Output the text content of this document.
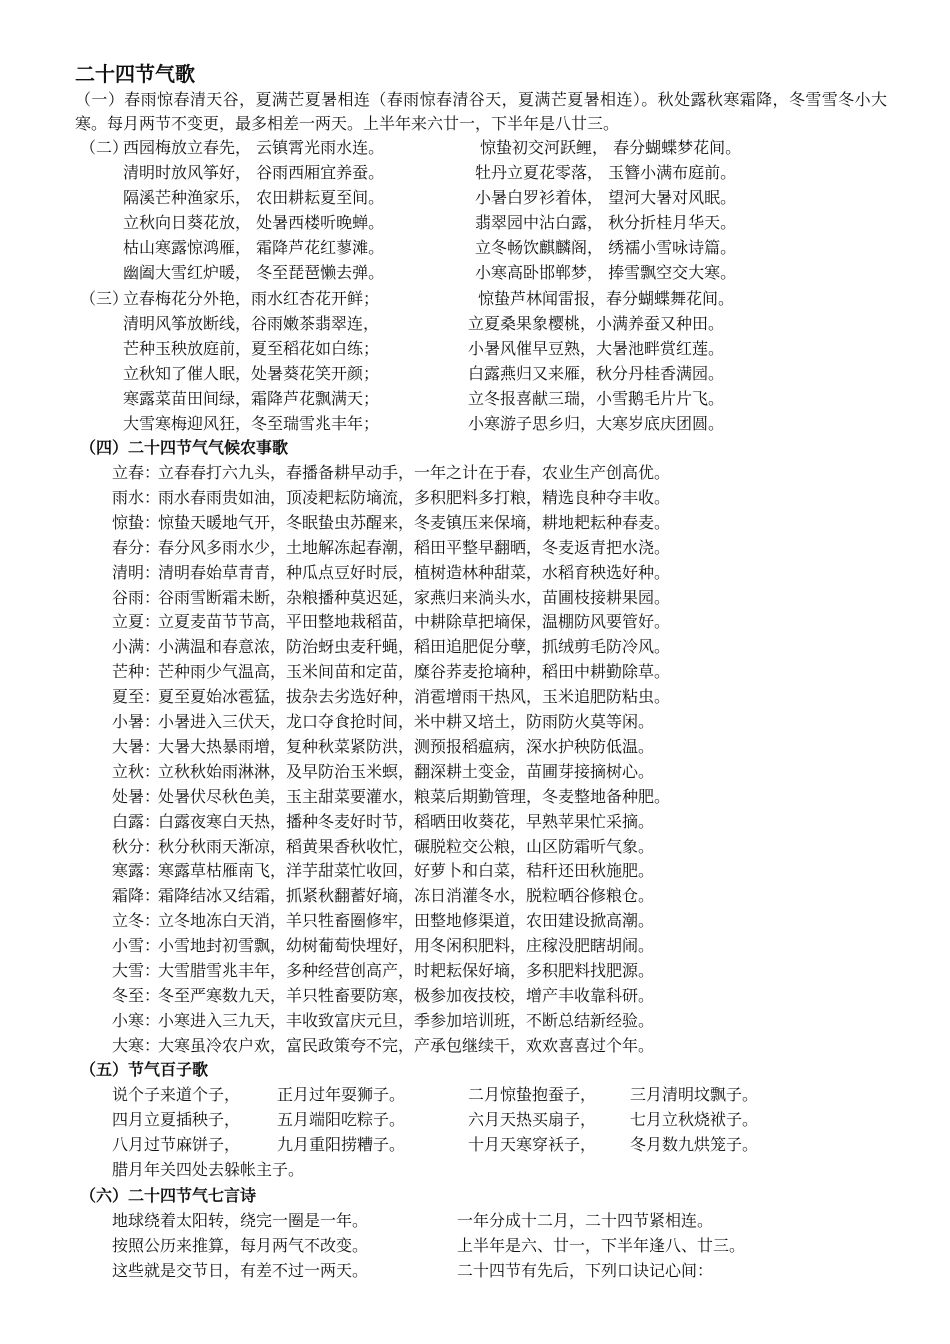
二十四节气歌
（一）春雨惊春清天谷，夏满芒夏暑相连（春雨惊春清谷天，夏满芒夏暑相连）。秋处露秋寒霜降，冬雪雪冬小大寒。每月两节不变更，最多相差一两天。上半年来六廿一，下半年是八廿三。
（二）
西园梅放立春先， 云镇霄光雨水连。	惊蛰初交河跃鲤， 春分蝴蝶梦花间。
清明时放风筝好， 谷雨西厢宜养蚕。	牡丹立夏花零落， 玉簪小满布庭前。
隔溪芒种渔家乐， 农田耕耘夏至间。	小暑白罗衫着体， 望河大暑对风眠。
立秋向日葵花放， 处暑西楼听晚蝉。	翡翠园中沾白露， 秋分折桂月华天。
枯山寒露惊鸿雁， 霜降芦花红蓼滩。	立冬畅饮麒麟阁， 绣襦小雪咏诗篇。
幽阖大雪红炉暖， 冬至琵琶懒去弹。	小寒高卧邯郸梦， 捧雪飘空交大寒。
（三）
立春梅花分外艳，雨水红杏花开鲜；	惊蛰芦林闻雷报，春分蝴蝶舞花间。
清明风筝放断线，谷雨嫩茶翡翠连，	立夏桑果象樱桃，小满养蚕又种田。
芒种玉秧放庭前，夏至稻花如白练；	小暑风催早豆熟，大暑池畔赏红莲。
立秋知了催人眠，处暑葵花笑开颜；	白露燕归又来雁，秋分丹桂香满园。
寒露菜苗田间绿，霜降芦花飘满天；	立冬报喜献三瑞，小雪鹅毛片片飞。
大雪寒梅迎风狂，冬至瑞雪兆丰年；	小寒游子思乡归，大寒岁底庆团圆。
（四）二十四节气气候农事歌
立春：
立春春打六九头，春播备耕早动手，一年之计在于春，农业生产创高优。
雨水：
雨水春雨贵如油，顶凌耙耘防墒流，多积肥料多打粮，精选良种夺丰收。
惊蛰：
惊蛰天暖地气开，冬眠蛰虫苏醒来，冬麦镇压来保墒，耕地耙耘种春麦。
春分：
春分风多雨水少，土地解冻起春潮，稻田平整早翻晒，冬麦返青把水浇。
清明：
清明春始草青青，种瓜点豆好时辰，植树造林种甜菜，水稻育秧选好种。
谷雨：
谷雨雪断霜未断，杂粮播种莫迟延，家燕归来淌头水，苗圃枝接耕果园。
立夏：
立夏麦苗节节高，平田整地栽稻苗，中耕除草把墒保，温棚防风要管好。
小满：
小满温和春意浓，防治蚜虫麦秆蝇，稻田追肥促分孽，抓绒剪毛防冷风。
芒种：
芒种雨少气温高，玉米间苗和定苗，糜谷荞麦抢墒种，稻田中耕勤除草。
夏至：
夏至夏始冰雹猛，拔杂去劣选好种，消雹增雨干热风，玉米追肥防粘虫。
小暑：
小暑进入三伏天，龙口夺食抢时间，米中耕又培土，防雨防火莫等闲。
大暑：
大暑大热暴雨增，复种秋菜紧防洪，测预报稻瘟病，深水护秧防低温。
立秋：
立秋秋始雨淋淋，及早防治玉米螟，翻深耕土变金，苗圃芽接摘树心。
处暑：
处暑伏尽秋色美，玉主甜菜要灌水，粮菜后期勤管理，冬麦整地备种肥。
白露：
白露夜寒白天热，播种冬麦好时节，稻晒田收葵花，早熟苹果忙采摘。
秋分：
秋分秋雨天渐凉，稻黄果香秋收忙，碾脱粒交公粮，山区防霜听气象。
寒露：
寒露草枯雁南飞，洋芋甜菜忙收回，好萝卜和白菜，秸秆还田秋施肥。
霜降：
霜降结冰又结霜，抓紧秋翻蓄好墒，冻日消灌冬水，脱粒晒谷修粮仓。
立冬：
立冬地冻白天消，羊只牲畜圈修牢，田整地修渠道，农田建设掀高潮。
小雪：
小雪地封初雪飘，幼树葡萄快埋好，用冬闲积肥料，庄稼没肥瞎胡闹。
大雪：
大雪腊雪兆丰年，多种经营创高产，时耙耘保好墒，多积肥料找肥源。
冬至：
冬至严寒数九天，羊只牲畜要防寒，极参加夜技校，增产丰收靠科研。
小寒：
小寒进入三九天，丰收致富庆元旦，季参加培训班，不断总结新经验。
大寒：
大寒虽冷农户欢，富民政策夸不完，产承包继续干，欢欢喜喜过个年。
（五）节气百子歌
说个子来道个子， 正月过年耍狮子。	二月惊蛰抱蚕子， 三月清明坟飘子。
四月立夏插秧子， 五月端阳吃粽子。	六月天热买扇子， 七月立秋烧袱子。
八月过节麻饼子， 九月重阳捞糟子。	十月天寒穿袄子， 冬月数九烘笼子。
腊月年关四处去躲帐主子。
（六）二十四节气七言诗
地球绕着太阳转，绕完一圈是一年。	一年分成十二月，二十四节紧相连。
按照公历来推算，每月两气不改变。	上半年是六、廿一，下半年逢八、廿三。
这些就是交节日，有差不过一两天。	二十四节有先后，下列口诀记心间：
